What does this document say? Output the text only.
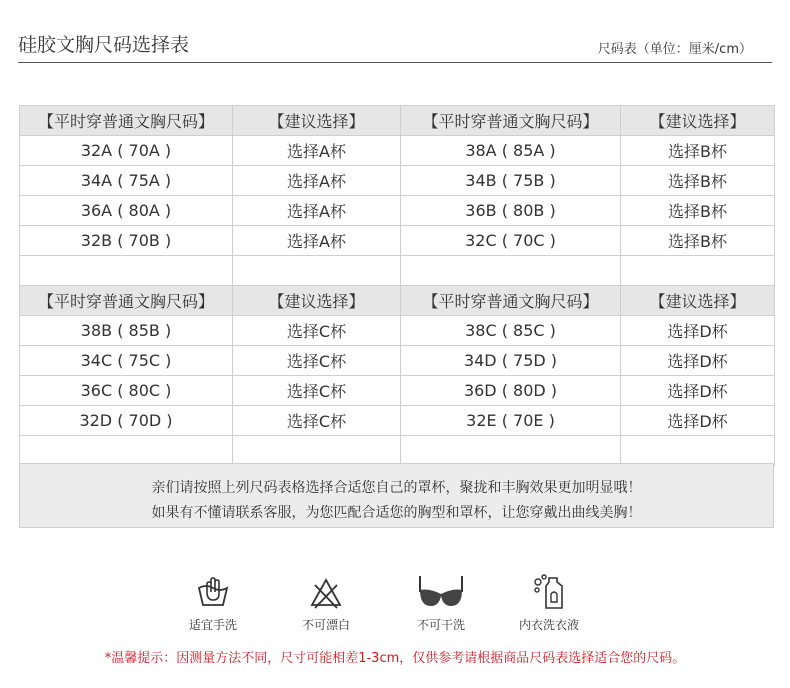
硅胶文胸尺码选择表	尺码表（单位：厘米/cm）
【平时穿普通文胸尺码】	【建议选择】	【平时穿普通文胸尺码】	【建议选择】
32A ( 70A )	选择A杯	38A ( 85A )	选择B杯
34A ( 75A )	选择A杯	34B ( 75B )	选择B杯
36A ( 80A )	选择A杯	36B ( 80B )	选择B杯
32B ( 70B )	选择A杯	32C ( 70C )	选择B杯

【平时穿普通文胸尺码】	【建议选择】	【平时穿普通文胸尺码】	【建议选择】
38B ( 85B )	选择C杯	38C ( 85C )	选择D杯
34C ( 75C )	选择C杯	34D ( 75D )	选择D杯
36C ( 80C )	选择C杯	36D ( 80D )	选择D杯
32D ( 70D )	选择C杯	32E ( 70E )	选择D杯

亲们请按照上列尺码表格选择合适您自己的罩杯，聚拢和丰胸效果更加明显哦！
如果有不懂请联系客服，为您匹配合适您的胸型和罩杯，让您穿戴出曲线美胸！
适宜手洗	不可漂白	不可干洗	内衣洗衣液
*温馨提示：因测量方法不同，尺寸可能相差1-3cm，仅供参考请根据商品尺码表选择适合您的尺码。
